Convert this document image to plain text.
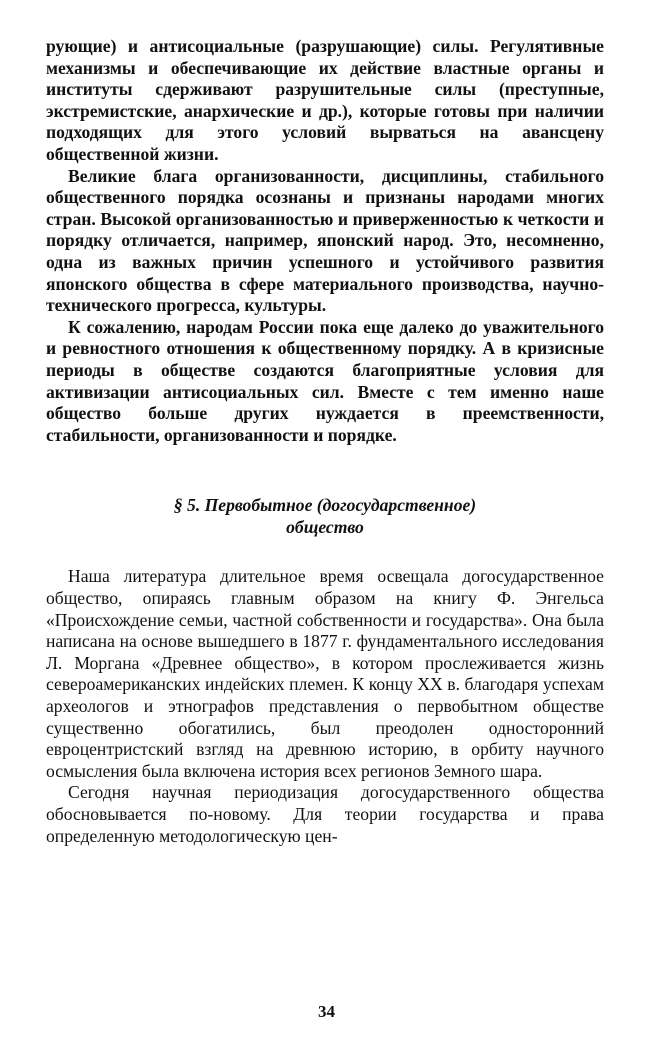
рующие) и антисоциальные (разрушающие) силы. Регулятивные механизмы и обеспечивающие их действие властные органы и институты сдерживают разрушительные силы (преступные, экстремистские, анархические и др.), которые готовы при наличии подходящих для этого условий вырваться на авансцену общественной жизни.

Великие блага организованности, дисциплины, стабильного общественного порядка осознаны и признаны народами многих стран. Высокой организованностью и приверженностью к четкости и порядку отличается, например, японский народ. Это, несомненно, одна из важных причин успешного и устойчивого развития японского общества в сфере материального производства, научно-технического прогресса, культуры.

К сожалению, народам России пока еще далеко до уважительного и ревностного отношения к общественному порядку. А в кризисные периоды в обществе создаются благоприятные условия для активизации антисоциальных сил. Вместе с тем именно наше общество больше других нуждается в преемственности, стабильности, организованности и порядке.

§ 5. Первобытное (догосударственное)
общество

Наша литература длительное время освещала догосударственное общество, опираясь главным образом на книгу Ф. Энгельса «Происхождение семьи, частной собственности и государства». Она была написана на основе вышедшего в 1877 г. фундаментального исследования Л. Моргана «Древнее общество», в котором прослеживается жизнь североамериканских индейских племен. К концу XX в. благодаря успехам археологов и этнографов представления о первобытном обществе существенно обогатились, был преодолен односторонний евроцентристский взгляд на древнюю историю, в орбиту научного осмысления была включена история всех регионов Земного шара.

Сегодня научная периодизация догосударственного общества обосновывается по-новому. Для теории государства и права определенную методологическую цен-

34
